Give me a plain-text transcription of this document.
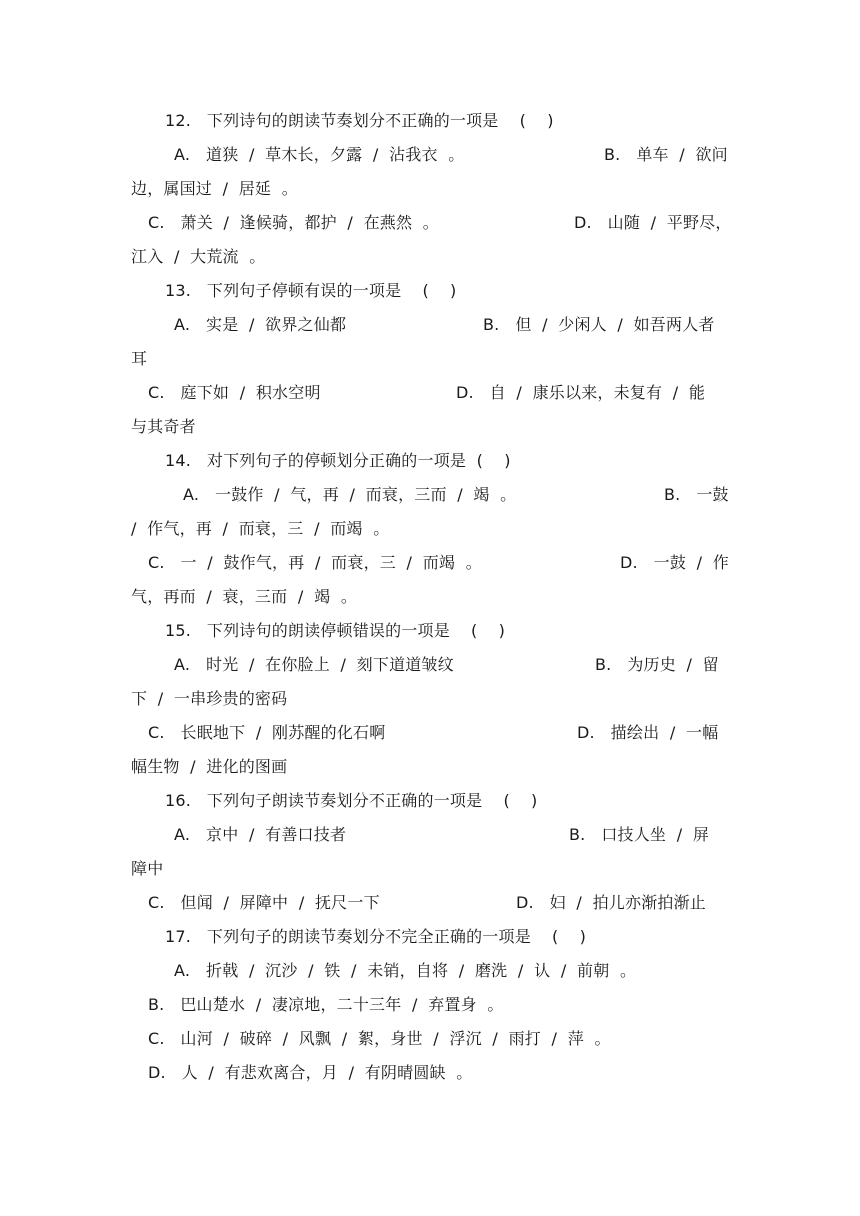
12.   下列诗句的朗读节奏划分不正确的一项是    (    )
A.   道狭  /  草木长，夕露  /  沾我衣  。	B.   单车  /  欲问
边，属国过  /  居延  。
C.   萧关  /  逢候骑，都护  /  在燕然  。	D.   山随  /  平野尽，
江入  /  大荒流  。
13.   下列句子停顿有误的一项是    (    )
A.   实是  /  欲界之仙都	B.   但  /  少闲人  /  如吾两人者
耳
C.   庭下如  /  积水空明	D.   自  /  康乐以来，未复有  /  能
与其奇者
14.   对下列句子的停顿划分正确的一项是  (    )
A.   一鼓作  /  气，再  /  而衰，三而  /  竭  。	B.   一鼓
/  作气，再  /  而衰，三  /  而竭  。
C.   一  /  鼓作气，再  /  而衰，三  /  而竭  。	D.   一鼓  /  作
气，再而  /  衰，三而  /  竭  。
15.   下列诗句的朗读停顿错误的一项是    (    )
A.   时光  /  在你脸上  /  刻下道道皱纹	B.   为历史  /  留
下  /  一串珍贵的密码
C.   长眠地下  /  刚苏醒的化石啊	D.   描绘出  /  一幅
幅生物  /  进化的图画
16.   下列句子朗读节奏划分不正确的一项是    (    )
A.   京中  /  有善口技者	B.   口技人坐  /  屏
障中
C.   但闻  /  屏障中  /  抚尺一下	D.   妇  /  拍儿亦渐拍渐止
17.   下列句子的朗读节奏划分不完全正确的一项是    (    )
A.   折戟  /  沉沙  /  铁  /  未销，自将  /  磨洗  /  认  /  前朝  。
B.   巴山楚水  /  凄凉地，二十三年  /  弃置身  。
C.   山河  /  破碎  /  风飘  /  絮，身世  /  浮沉  /  雨打  /  萍  。
D.   人  /  有悲欢离合，月  /  有阴晴圆缺  。
